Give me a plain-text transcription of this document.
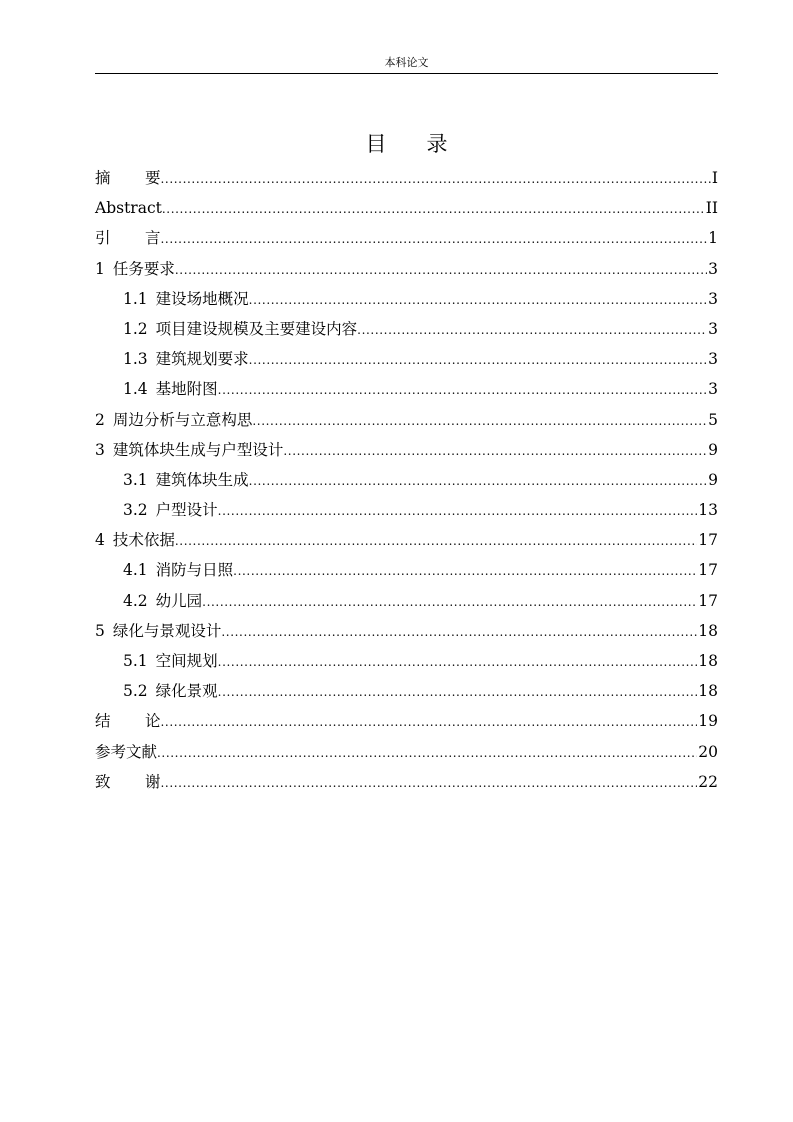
本科论文
目 录
摘 要 .....	I
Abstract .....	II
引 言 .....	1
1 任务要求 .....	3
1.1 建设场地概况 .....	3
1.2 项目建设规模及主要建设内容 .....	3
1.3 建筑规划要求 .....	3
1.4 基地附图 .....	3
2 周边分析与立意构思 .....	5
3 建筑体块生成与户型设计 .....	9
3.1 建筑体块生成 .....	9
3.2 户型设计 .....	13
4 技术依据 .....	17
4.1 消防与日照 .....	17
4.2 幼儿园 .....	17
5 绿化与景观设计 .....	18
5.1 空间规划 .....	18
5.2 绿化景观 .....	18
结 论 .....	19
参考文献 .....	20
致 谢 .....	22
